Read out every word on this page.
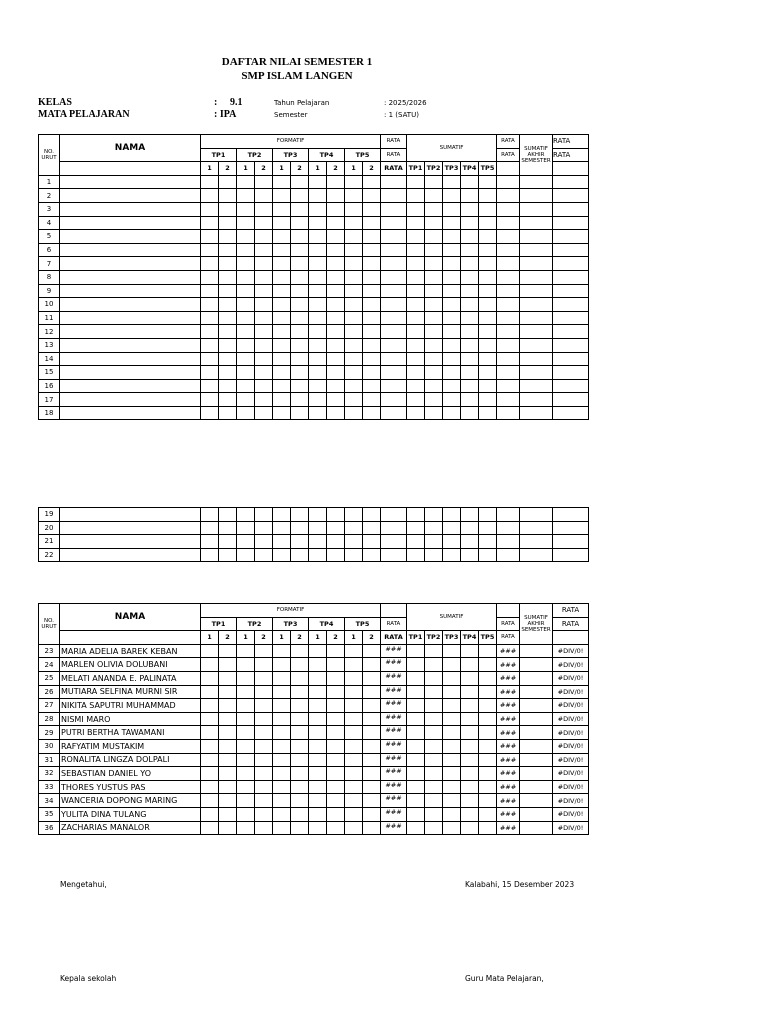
DAFTAR NILAI SEMESTER 1
SMP ISLAM LANGEN
KELAS	: 9.1
MATA PELAJARAN	: IPA
Tahun Pelajaran	: 2025/2026
Semester	: 1 (SATU)
NO. URUT	NAMA	FORMATIF										RATA	SUMATIF					RATA	SUMATIF AKHIR SEMESTER	RATA
		TP1		TP2		TP3		TP4		TP5		RATA						RATA		RATA
		1	2	1	2	1	2	1	2	1	2	RATA	TP1	TP2	TP3	TP4	TP5			
1																				
2																				
3																				
4																				
5																				
6																				
7																				
8																				
9																				
10																				
11																				
12																				
13																				
14																				
15																				
16																				
17																				
18																				
19																				
20																				
21																				
22																				
NO. URUT	NAMA	FORMATIF											SUMATIF						SUMATIF AKHIR SEMESTER	RATA
		TP1		TP2		TP3		TP4		TP5		RATA						RATA		RATA
		1	2	1	2	1	2	1	2	1	2	RATA	TP1	TP2	TP3	TP4	TP5	RATA		
23	MARIA ADELIA BAREK KEBAN											###						###		#DIV/0!
24	MARLEN OLIVIA DOLUBANI											###						###		#DIV/0!
25	MELATI ANANDA E. PALINATA											###						###		#DIV/0!
26	MUTIARA SELFINA MURNI SIR											###						###		#DIV/0!
27	NIKITA SAPUTRI MUHAMMAD											###						###		#DIV/0!
28	NISMI MARO											###						###		#DIV/0!
29	PUTRI BERTHA TAWAMANI											###						###		#DIV/0!
30	RAFYATIM MUSTAKIM											###						###		#DIV/0!
31	RONALITA LINGZA DOLPALI											###						###		#DIV/0!
32	SEBASTIAN DANIEL YO											###						###		#DIV/0!
33	THORES YUSTUS PAS											###						###		#DIV/0!
34	WANCERIA DOPONG MARING											###						###		#DIV/0!
35	YULITA DINA TULANG											###						###		#DIV/0!
36	ZACHARIAS MANALOR											###						###		#DIV/0!
Mengetahui,	Kalabahi, 15 Desember 2023
Kepala sekolah	Guru Mata Pelajaran,
